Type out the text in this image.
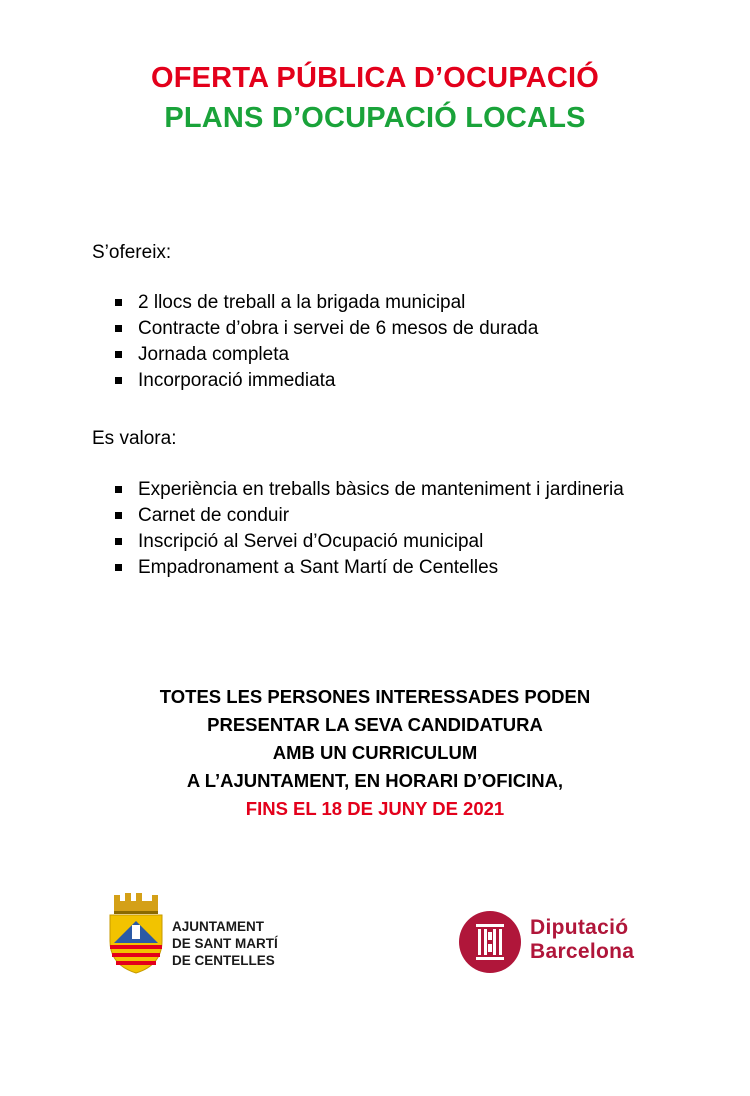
OFERTA PÚBLICA D’OCUPACIÓ
PLANS D’OCUPACIÓ LOCALS
S’ofereix:
2 llocs de treball a la brigada municipal
Contracte d’obra i servei de 6 mesos de durada
Jornada completa
Incorporació immediata
Es valora:
Experiència en treballs bàsics de manteniment i jardineria
Carnet de conduir
Inscripció al Servei d’Ocupació municipal
Empadronament a Sant Martí de Centelles
TOTES LES PERSONES INTERESSADES PODEN
PRESENTAR LA SEVA CANDIDATURA
AMB UN CURRICULUM
A L’AJUNTAMENT, EN HORARI D’OFICINA,
FINS EL 18 DE JUNY DE 2021
AJUNTAMENT
DE SANT MARTÍ
DE CENTELLES
Diputació
Barcelona
